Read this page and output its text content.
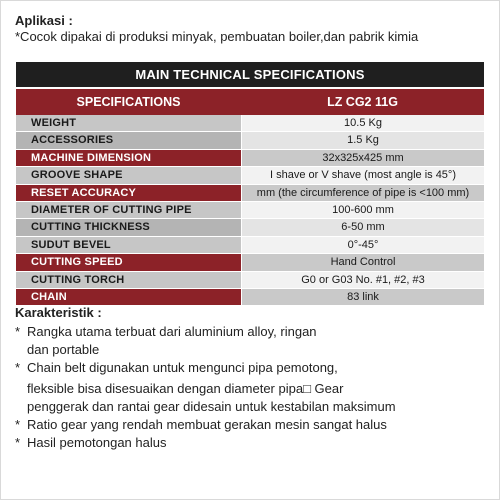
Aplikasi :
*Cocok dipakai di produksi minyak, pembuatan boiler,dan pabrik kimia
MAIN TECHNICAL SPECIFICATIONS
SPECIFICATIONS	LZ CG2 11G
WEIGHT	10.5 Kg
ACCESSORIES	1.5 Kg
MACHINE DIMENSION	32x325x425 mm
GROOVE SHAPE	I shave or V shave (most angle is 45°)
RESET ACCURACY	mm (the circumference of pipe is <100 mm)
DIAMETER OF CUTTING PIPE	100-600 mm
CUTTING THICKNESS	6-50 mm
SUDUT BEVEL	0°-45°
CUTTING SPEED	Hand Control
CUTTING TORCH	G0 or G03 No. #1, #2, #3
CHAIN	83 link
Karakteristik :
* Rangka utama terbuat dari aluminium alloy, ringan
dan portable
* Chain belt digunakan untuk mengunci pipa pemotong,
fleksible bisa disesuaikan dengan diameter pipa□ Gear
penggerak dan rantai gear didesain untuk kestabilan maksimum
* Ratio gear yang rendah membuat gerakan mesin sangat halus
* Hasil pemotongan halus
